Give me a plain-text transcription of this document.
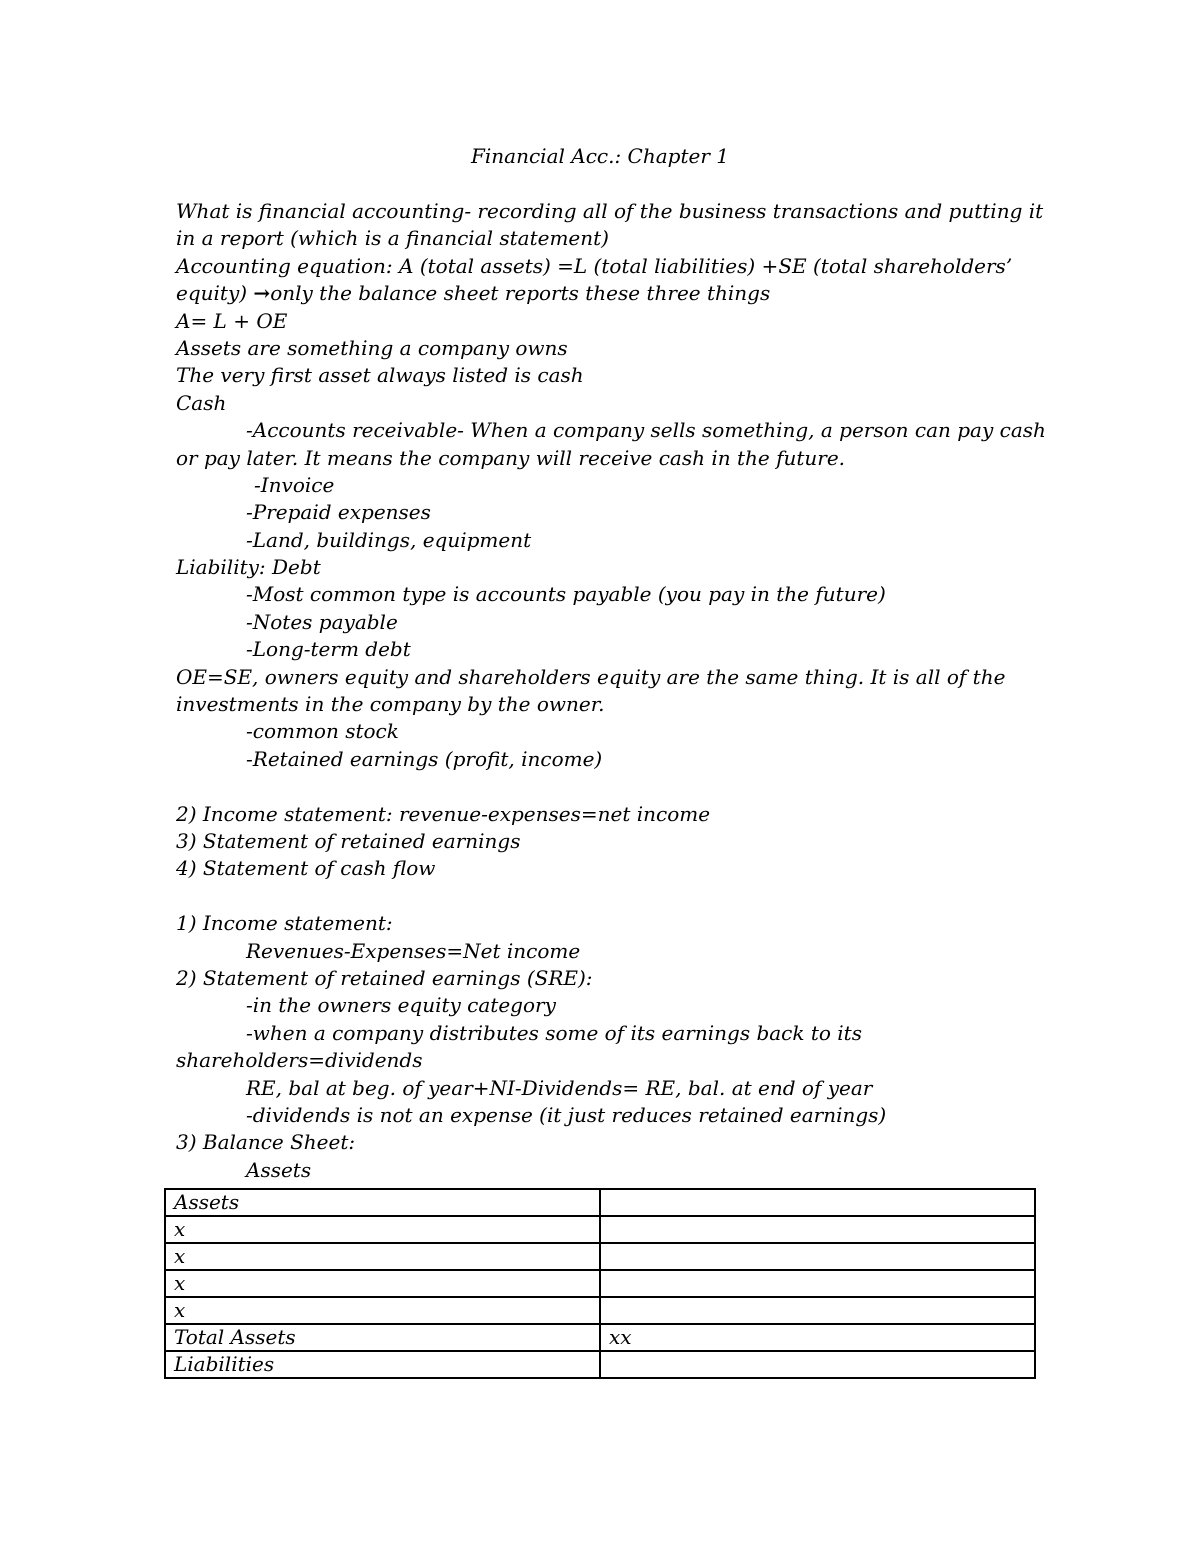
Financial Acc.: Chapter 1
What is financial accounting- recording all of the business transactions and putting it
in a report (which is a financial statement)
Accounting equation: A (total assets) =L (total liabilities) +SE (total shareholders’
equity) →only the balance sheet reports these three things
A= L + OE
Assets are something a company owns
The very first asset always listed is cash
Cash
-Accounts receivable- When a company sells something, a person can pay cash
or pay later. It means the company will receive cash in the future.
-Invoice
-Prepaid expenses
-Land, buildings, equipment
Liability: Debt
-Most common type is accounts payable (you pay in the future)
-Notes payable
-Long-term debt
OE=SE, owners equity and shareholders equity are the same thing. It is all of the
investments in the company by the owner.
-common stock
-Retained earnings (profit, income)
2) Income statement: revenue-expenses=net income
3) Statement of retained earnings
4) Statement of cash flow
1) Income statement:
Revenues-Expenses=Net income
2) Statement of retained earnings (SRE):
-in the owners equity category
-when a company distributes some of its earnings back to its
shareholders=dividends
RE, bal at beg. of year+NI-Dividends= RE, bal. at end of year
-dividends is not an expense (it just reduces retained earnings)
3) Balance Sheet:
Assets
Assets	
x	
x	
x	
x	
Total Assets	xx
Liabilities	
